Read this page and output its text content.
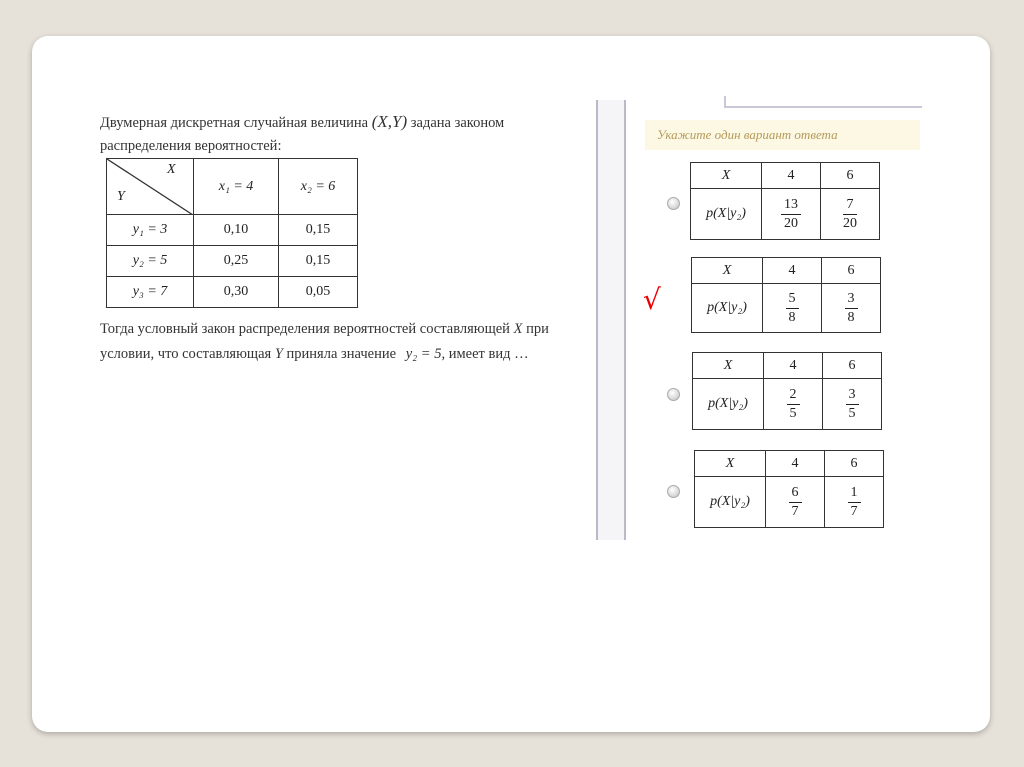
Двумерная дискретная случайная величина (X,Y) задана законом
распределения вероятностей:
X
Y	x₁ = 4	x₂ = 6
y₁ = 3	0,10	0,15
y₂ = 5	0,25	0,15
y₃ = 7	0,30	0,05
Тогда условный закон распределения вероятностей составляющей X при
условии, что составляющая Y приняла значение y₂ = 5, имеет вид …
Укажите один вариант ответа
√
X	4	6
p(X|y₂)	$\frac{13}{20}$	$\frac{7}{20}$
X	4	6
p(X|y₂)	$\frac{5}{8}$	$\frac{3}{8}$
X	4	6
p(X|y₂)	$\frac{2}{5}$	$\frac{3}{5}$
X	4	6
p(X|y₂)	$\frac{6}{7}$	$\frac{1}{7}$
